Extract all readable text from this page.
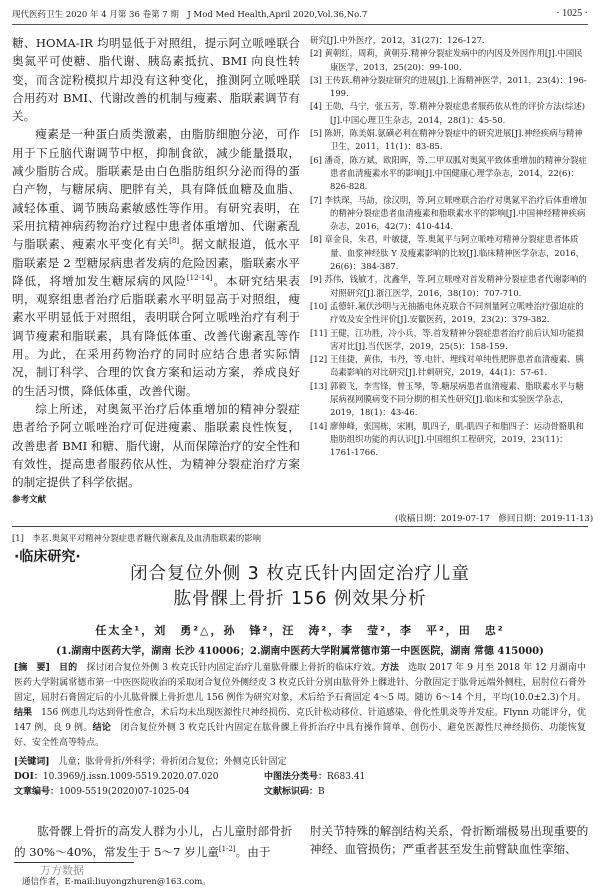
现代医药卫生 2020 年 4 月第 36 卷第 7 期　 J Mod Med Health,April 2020,Vol.36,No.7	· 1025 ·

糖、HOMA-IR 均明显低于对照组，提示阿立哌唑联合奥氮平可使糖、脂代谢、胰岛素抵抗、BMI 向良性转变，而含淀粉模拟片却没有这种变化，推测阿立哌唑联合用药对 BMI、代谢改善的机制与瘦素、脂联素调节有关。

瘦素是一种蛋白质类激素，由脂肪细胞分泌，可作用于下丘脑代谢调节中枢，抑制食欲，减少能量摄取，减少脂肪合成。脂联素是由白色脂肪组织分泌而得的蛋白产物，与糖尿病、肥胖有关，具有降低血糖及血脂、减轻体重、调节胰岛素敏感性等作用。有研究表明，在采用抗精神病药物治疗过程中患者体重增加、代谢紊乱与脂联素、瘦素水平变化有关[8]。据文献报道，低水平脂联素是 2 型糖尿病患者发病的危险因素，脂联素水平降低，将增加发生糖尿病的风险[12-14]。本研究结果表明，观察组患者治疗后脂联素水平明显高于对照组，瘦素水平明显低于对照组，表明联合阿立哌唑治疗有利于调节瘦素和脂联素，具有降低体重、改善代谢紊乱等作用。为此，在采用药物治疗的同时应结合患者实际情况，制订科学、合理的饮食方案和运动方案，养成良好的生活习惯，降低体重，改善代谢。

综上所述，对奥氮平治疗后体重增加的精神分裂症患者给予阿立哌唑治疗可促进瘦素、脂联素良性恢复，改善患者 BMI 和糖、脂代谢，从而保障治疗的安全性和有效性，提高患者服药依从性，为精神分裂症治疗方案的制定提供了科学依据。

参考文献

研究[J].中外医疗，2012，31(27)：126-127.

[2] 黄朝红，周莉，黄朝芬.精神分裂症发病中的内因及外因作用[J].中国民康医学，2013，25(20)：99-100.

[3] 王传跃.精神分裂症研究的进展[J].上海精神医学，2011，23(4)：196-199.

[4] 王勋，马宁，张五芳，等.精神分裂症患者服药依从性的评价方法(综述)[J].中国心理卫生杂志，2014，28(1)：45-50.

[5] 陈妍，陈美娟.氨磺必利在精神分裂症中的研究进展[J].神经疾病与精神卫生，2011，11(1)：83-85.

[6] 潘奇，陈方斌，欧阳晖，等.二甲双胍对奥氮平致体重增加的精神分裂症患者血清瘦素水平的影响[J].中国健康心理学杂志，2014，22(6)：826-828.

[7] 李铁琛，马劼，徐汉明，等.阿立哌唑联合治疗对奥氮平治疗后体重增加的精神分裂症患者血清瘦素和脂联素水平的影响[J].中国神经精神疾病杂志，2016，42(7)：410-414.

[8] 章金良，朱君，叶敏捷，等.奥氮平与阿立哌唑对精神分裂症患者体质量、血浆神经肽 Y 及瘦素影响的比较[J].临床精神医学杂志，2016，26(6)：384-387.

[9] 苏伟，钱敏才，沈鑫华，等.阿立哌唑对首发精神分裂症患者代谢影响的对照研究[J].浙江医学，2016，38(10)：707-710.

[10] 孟德轩.氟伏沙明与无抽搐电休克联合不同剂量阿立哌唑治疗强迫症的疗效及安全性评价[J].安徽医药，2019，23(2)：379-382.

[11] 王健，江功胜，冷小兵，等.首发精神分裂症患者治疗前后认知功能损害对比[J].当代医学，2019，25(5)：158-159.

[12] 王佳捷，黄伟，韦丹，等.电针、埋线对单纯性肥胖患者血清瘦素、胰岛素影响的对比研究[J].针刺研究，2019，44(1)：57-61.

[13] 郭毅飞，李雪锋，曾玉琴，等.糖尿病患者血清瘦素、脂联素水平与糖尿病视网膜病变不同分期的相关性研究[J].临床和实验医学杂志，2019，18(1)：43-46.

[14] 廖伸峰，张国栋，宋刚，肌四子，肌-肌四子和脂四子：运动骨骼肌和脂肪组织功能的再认识[J].中国组织工程研究，2019，23(11)：1761-1766.

(收稿日期：2019-07-17　修回日期：2019-11-13)
[1]　李茗.奥氮平对精神分裂症患者糖代谢紊乱及血清脂联素的影响
·临床研究·
闭合复位外侧 3 枚克氏针内固定治疗儿童
肱骨髁上骨折 156 例效果分析
任太全¹，刘　勇²△，孙　锋²，汪　涛²，李　莹²，李　平²，田　忠²
(1.湖南中医药大学，湖南 长沙 410006；2.湖南中医药大学附属常德市第一中医医院，湖南 常德 415000)
[摘　要]　 目的　 探讨闭合复位外侧 3 枚克氏针内固定治疗儿童肱骨髁上骨折的临床疗效。方法　 选取 2017 年 9 月至 2018 年 12 月湖南中医药大学附属常德市第一中医医院收治的采取闭合复位外侧经皮 3 枚克氏针分别由肱骨外上髁进针、分散固定于肱骨远端外侧柱，屈肘位石膏外固定，屈肘石膏固定后的小儿肱骨髁上骨折患儿 156 例作为研究对象，术后给予石膏固定 4～5 周。随访 6～14 个月，平均(10.0±2.3)个月。结果　 156 例患儿均达到骨性愈合，术后均未出现医源性尺神经损伤、克氏针松动移位、针道感染、骨化性肌炎等并发症。Flynn 功能评分，优 147 例，良 9 例。结论　 闭合复位外侧 3 枚克氏针内固定在肱骨髁上骨折治疗中具有操作简单、创伤小、避免医源性尺神经损伤、功能恢复好、安全性高等特点。
[关键词]　 儿童；肱骨骨折/外科学；骨折闭合复位；外侧克氏针固定
DOI：10.3969/j.issn.1009-5519.2020.07.020	中图法分类号：R683.41
文章编号：1009-5519(2020)07-1025-04	文献标识码：B

肱骨髁上骨折的高发人群为小儿，占儿童肘部骨折的 30%～40%，常发生于 5～7 岁儿童[1-2]。由于

肘关节特殊的解剖结构关系，骨折断端极易出现重要的神经、血管损伤；严重者甚至发生前臂缺血性挛缩、

万方数据
通信作者，E-mail:liuyongzhuren@163.com。
